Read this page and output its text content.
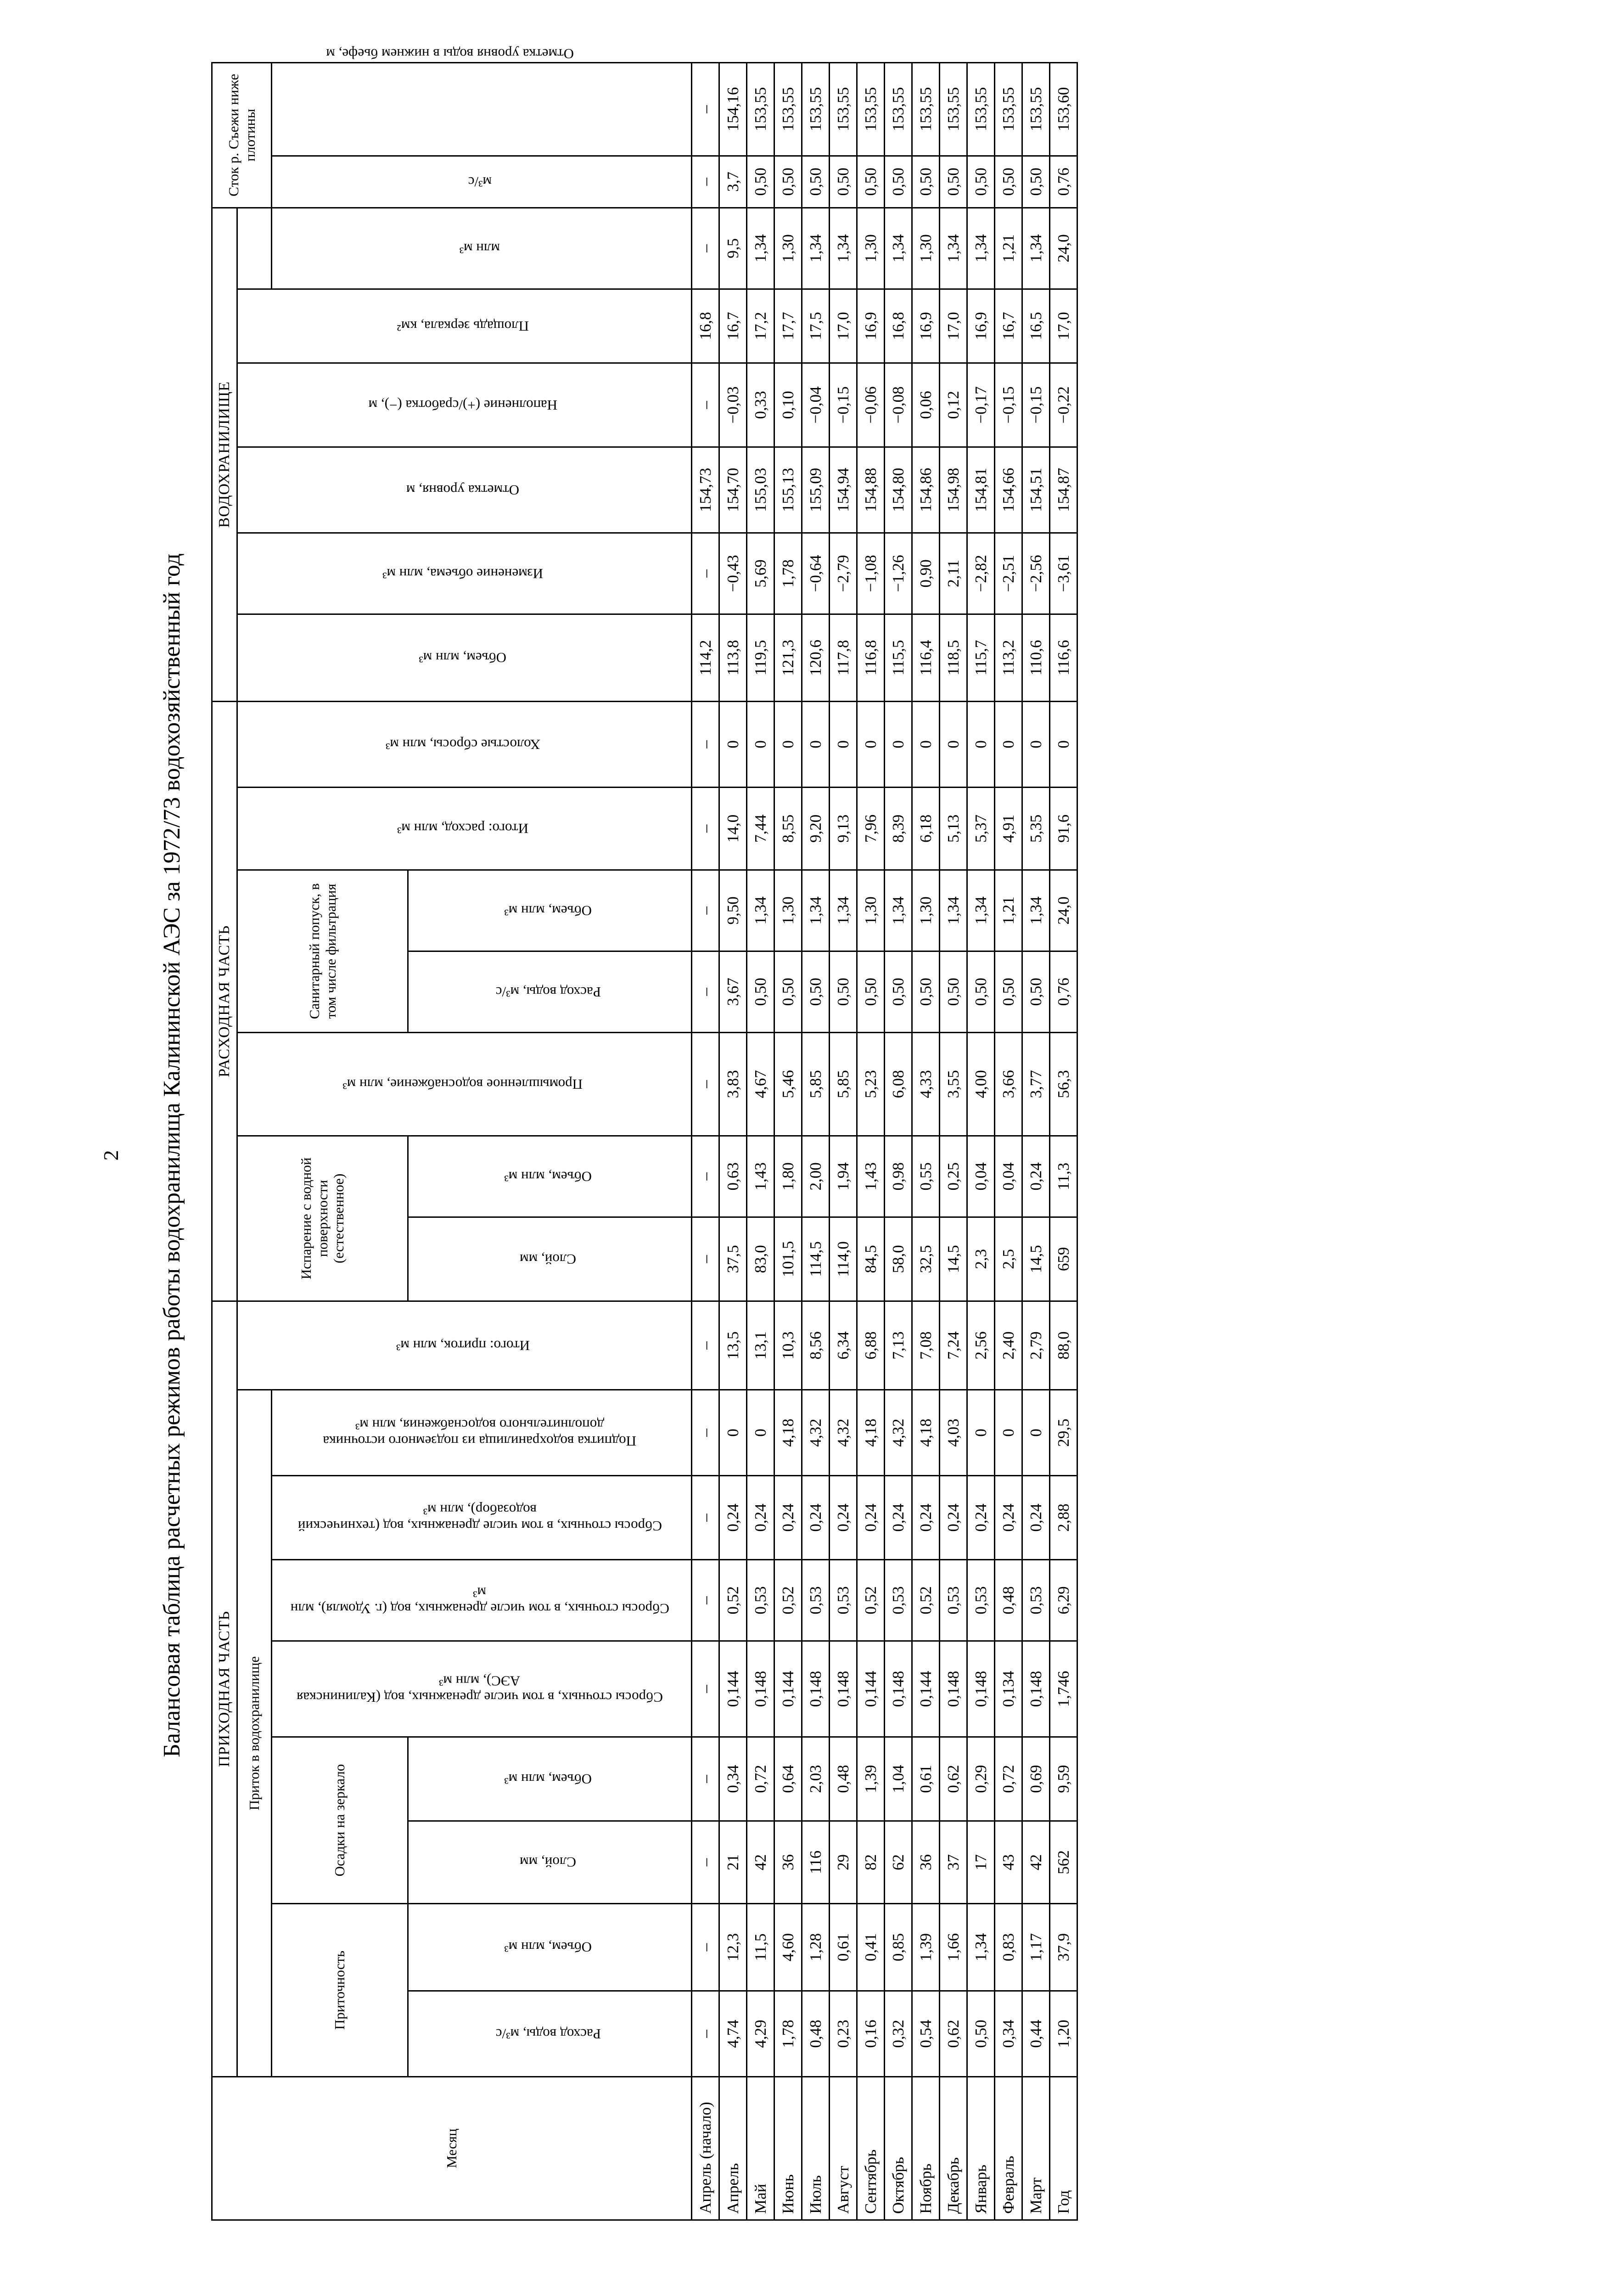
2 Балансовая таблица расчетных режимов работы водохранилища Калининской АЭС за 1972/73 водохозяйственный год
Месяц	ПРИХОДНАЯ ЧАСТЬ									РАСХОДНАЯ ЧАСТЬ							ВОДОХРАНИЛИЩЕ						Сток р. Съежи ниже плотины		Отметка уровня воды в нижнем бьефе, м
	Приток в водохранилище								Итого: приток, млн м³	Испарение с водной поверхности (естественное)		Промышленное водоснабжение, млн м³	Санитарный попуск, в том числе фильтрация		Итого: расход, млн м³	Холостые сбросы, млн м³	Объем, млн м³	Изменение объема, млн м³	Отметка уровня, м	Наполнение (+)/сработка (−), м	Площадь зеркала, км²				
	Приточность		Осадки на зеркало		Сбросы сточных, в том числе дренажных, вод (Калининская АЭС), млн м³	Сбросы сточных, в том числе дренажных, вод (г. Удомля), млн м³	Сбросы сточных, в том числе дренажных, вод (технический водозабор), млн м³	Подпитка водохранилища из подземного источника дополнительного водоснабжения, млн м³														млн м³	м³/с		

	Расход воды, м³/с	Объем, млн м³	Слой, мм	Объем, млн м³						Слой, мм	Объем, млн м³		Расход воды, м³/с	Объем, млн м³											
Апрель (начало)	–	–	–	–	–	–	–	–	–	–	–	–	–	–	–	–	114,2	–	154,73	–	16,8	–	–	–	
Апрель	4,74	12,3	21	0,34	0,144	0,52	0,24	0	13,5	37,5	0,63	3,83	3,67	9,50	14,0	0	113,8	−0,43	154,70	−0,03	16,7	9,5	3,7	154,16	
Май	4,29	11,5	42	0,72	0,148	0,53	0,24	0	13,1	83,0	1,43	4,67	0,50	1,34	7,44	0	119,5	5,69	155,03	0,33	17,2	1,34	0,50	153,55	
Июнь	1,78	4,60	36	0,64	0,144	0,52	0,24	4,18	10,3	101,5	1,80	5,46	0,50	1,30	8,55	0	121,3	1,78	155,13	0,10	17,7	1,30	0,50	153,55	
Июль	0,48	1,28	116	2,03	0,148	0,53	0,24	4,32	8,56	114,5	2,00	5,85	0,50	1,34	9,20	0	120,6	−0,64	155,09	−0,04	17,5	1,34	0,50	153,55	
Август	0,23	0,61	29	0,48	0,148	0,53	0,24	4,32	6,34	114,0	1,94	5,85	0,50	1,34	9,13	0	117,8	−2,79	154,94	−0,15	17,0	1,34	0,50	153,55	
Сентябрь	0,16	0,41	82	1,39	0,144	0,52	0,24	4,18	6,88	84,5	1,43	5,23	0,50	1,30	7,96	0	116,8	−1,08	154,88	−0,06	16,9	1,30	0,50	153,55	
Октябрь	0,32	0,85	62	1,04	0,148	0,53	0,24	4,32	7,13	58,0	0,98	6,08	0,50	1,34	8,39	0	115,5	−1,26	154,80	−0,08	16,8	1,34	0,50	153,55	
Ноябрь	0,54	1,39	36	0,61	0,144	0,52	0,24	4,18	7,08	32,5	0,55	4,33	0,50	1,30	6,18	0	116,4	0,90	154,86	0,06	16,9	1,30	0,50	153,55	
Декабрь	0,62	1,66	37	0,62	0,148	0,53	0,24	4,03	7,24	14,5	0,25	3,55	0,50	1,34	5,13	0	118,5	2,11	154,98	0,12	17,0	1,34	0,50	153,55	
Январь	0,50	1,34	17	0,29	0,148	0,53	0,24	0	2,56	2,3	0,04	4,00	0,50	1,34	5,37	0	115,7	−2,82	154,81	−0,17	16,9	1,34	0,50	153,55	
Февраль	0,34	0,83	43	0,72	0,134	0,48	0,24	0	2,40	2,5	0,04	3,66	0,50	1,21	4,91	0	113,2	−2,51	154,66	−0,15	16,7	1,21	0,50	153,55	
Март	0,44	1,17	42	0,69	0,148	0,53	0,24	0	2,79	14,5	0,24	3,77	0,50	1,34	5,35	0	110,6	−2,56	154,51	−0,15	16,5	1,34	0,50	153,55	
Год	1,20	37,9	562	9,59	1,746	6,29	2,88	29,5	88,0	659	11,3	56,3	0,76	24,0	91,6	0	116,6	−3,61	154,87	−0,22	17,0	24,0	0,76	153,60	
